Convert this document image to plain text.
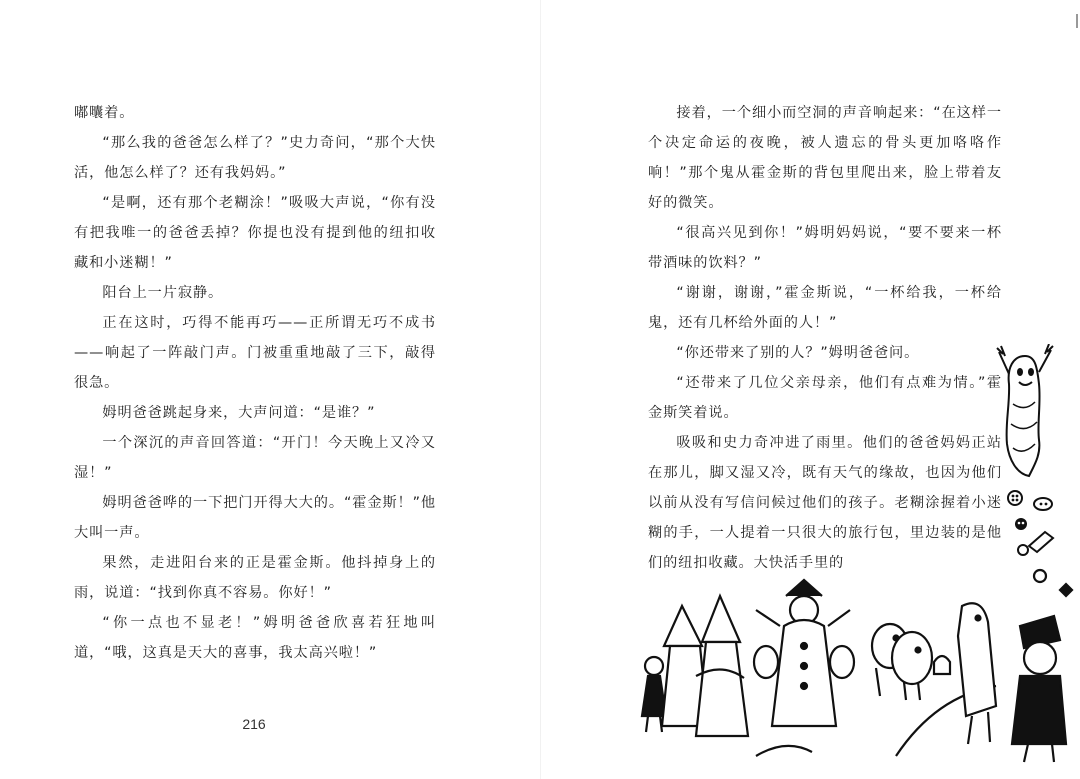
嘟囔着。

“那么我的爸爸怎么样了？”史力奇问，“那个大快活，他怎么样了？还有我妈妈。”

“是啊，还有那个老糊涂！”吸吸大声说，“你有没有把我唯一的爸爸丢掉？你提也没有提到他的纽扣收藏和小迷糊！”

阳台上一片寂静。

正在这时，巧得不能再巧——正所谓无巧不成书——响起了一阵敲门声。门被重重地敲了三下，敲得很急。

姆明爸爸跳起身来，大声问道：“是谁？”

一个深沉的声音回答道：“开门！今天晚上又冷又湿！”

姆明爸爸哗的一下把门开得大大的。“霍金斯！”他大叫一声。

果然，走进阳台来的正是霍金斯。他抖掉身上的雨，说道：“找到你真不容易。你好！”

“你一点也不显老！”姆明爸爸欣喜若狂地叫道，“哦，这真是天大的喜事，我太高兴啦！”

216

接着，一个细小而空洞的声音响起来：“在这样一个决定命运的夜晚，被人遗忘的骨头更加咯咯作响！”那个鬼从霍金斯的背包里爬出来，脸上带着友好的微笑。

“很高兴见到你！”姆明妈妈说，“要不要来一杯带酒味的饮料？”

“谢谢，谢谢，”霍金斯说，“一杯给我，一杯给鬼，还有几杯给外面的人！”

“你还带来了别的人？”姆明爸爸问。

“还带来了几位父亲母亲，他们有点难为情。”霍金斯笑着说。

吸吸和史力奇冲进了雨里。他们的爸爸妈妈正站在那儿，脚又湿又冷，既有天气的缘故，也因为他们以前从没有写信问候过他们的孩子。老糊涂握着小迷糊的手，一人提着一只很大的旅行包，里边装的是他们的纽扣收藏。大快活手里的
